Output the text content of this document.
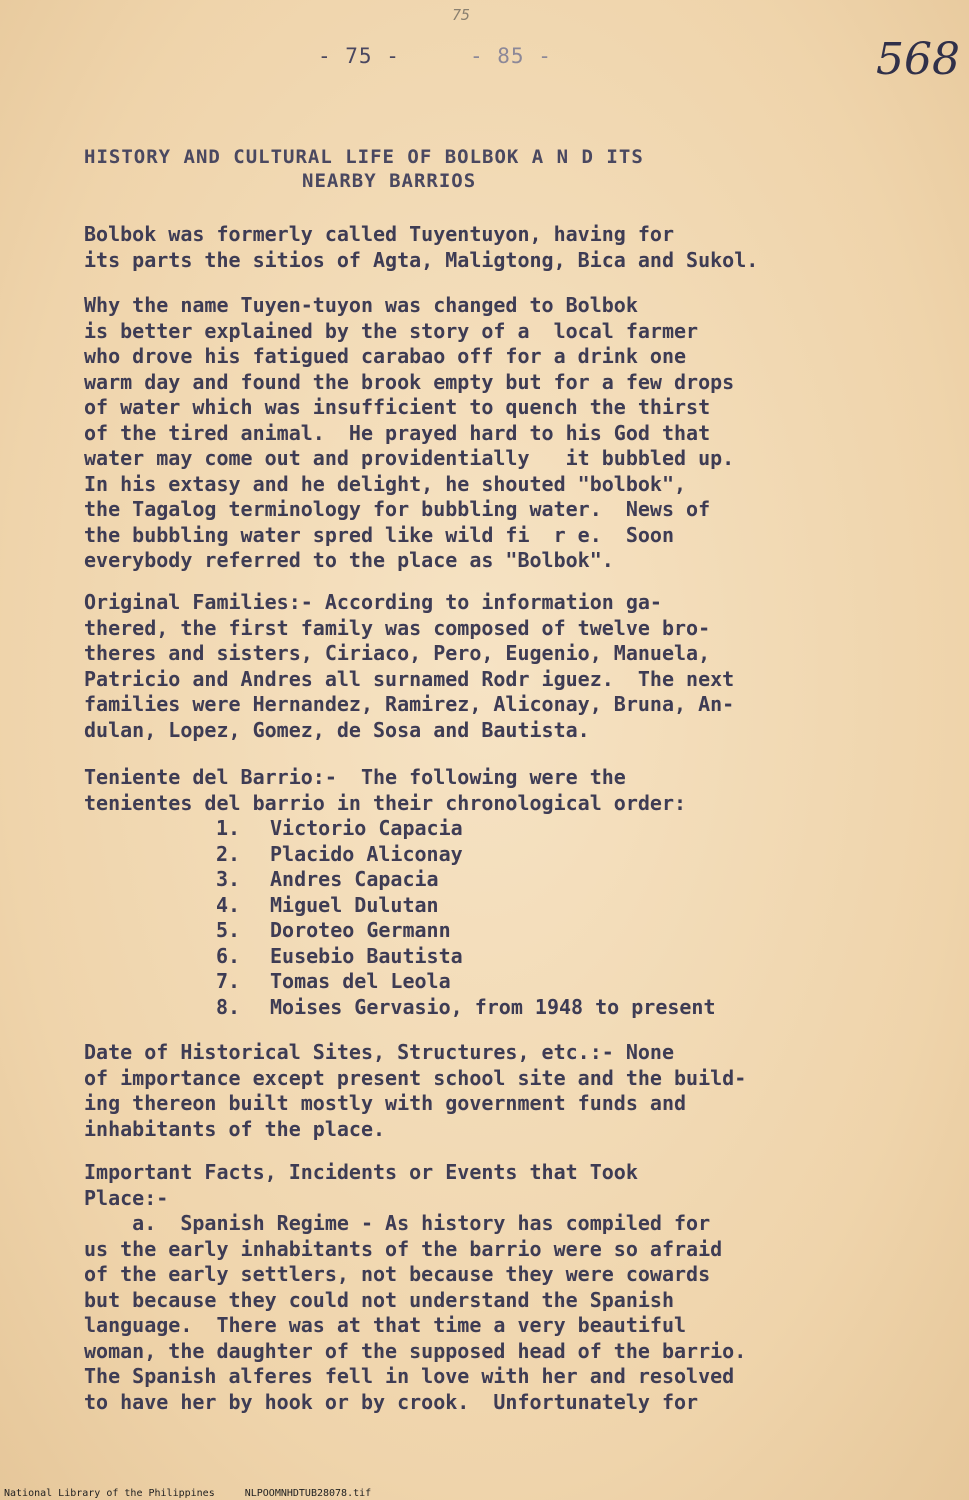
75
- 75 -	- 85 -	568
HISTORY AND CULTURAL LIFE OF BOLBOK A N D ITS
NEARBY BARRIOS
Bolbok was formerly called Tuyentuyon, having for
its parts the sitios of Agta, Maligtong, Bica and Sukol.
Why the name Tuyen-tuyon was changed to Bolbok
is better explained by the story of a  local farmer
who drove his fatigued carabao off for a drink one
warm day and found the brook empty but for a few drops
of water which was insufficient to quench the thirst
of the tired animal.  He prayed hard to his God that
water may come out and providentially   it bubbled up.
In his extasy and he delight, he shouted "bolbok",
the Tagalog terminology for bubbling water.  News of
the bubbling water spred like wild fi  r e.  Soon
everybody referred to the place as "Bolbok".
Original Families:- According to information ga-
thered, the first family was composed of twelve bro-
theres and sisters, Ciriaco, Pero, Eugenio, Manuela,
Patricio and Andres all surnamed Rodr iguez.  The next
families were Hernandez, Ramirez, Aliconay, Bruna, An-
dulan, Lopez, Gomez, de Sosa and Bautista.
Teniente del Barrio:-  The following were the
tenientes del barrio in their chronological order:
1.	Victorio Capacia
2.	Placido Aliconay
3.	Andres Capacia
4.	Miguel Dulutan
5.	Doroteo Germann
6.	Eusebio Bautista
7.	Tomas del Leola
8.	Moises Gervasio, from 1948 to present
Date of Historical Sites, Structures, etc.:- None
of importance except present school site and the build-
ing thereon built mostly with government funds and
inhabitants of the place.
Important Facts, Incidents or Events that Took
Place:-
a.  Spanish Regime - As history has compiled for
us the early inhabitants of the barrio were so afraid
of the early settlers, not because they were cowards
but because they could not understand the Spanish
language.  There was at that time a very beautiful
woman, the daughter of the supposed head of the barrio.
The Spanish alferes fell in love with her and resolved
to have her by hook or by crook.  Unfortunately for
National Library of the Philippines	NLPOOMNHDTUB28078.tif
